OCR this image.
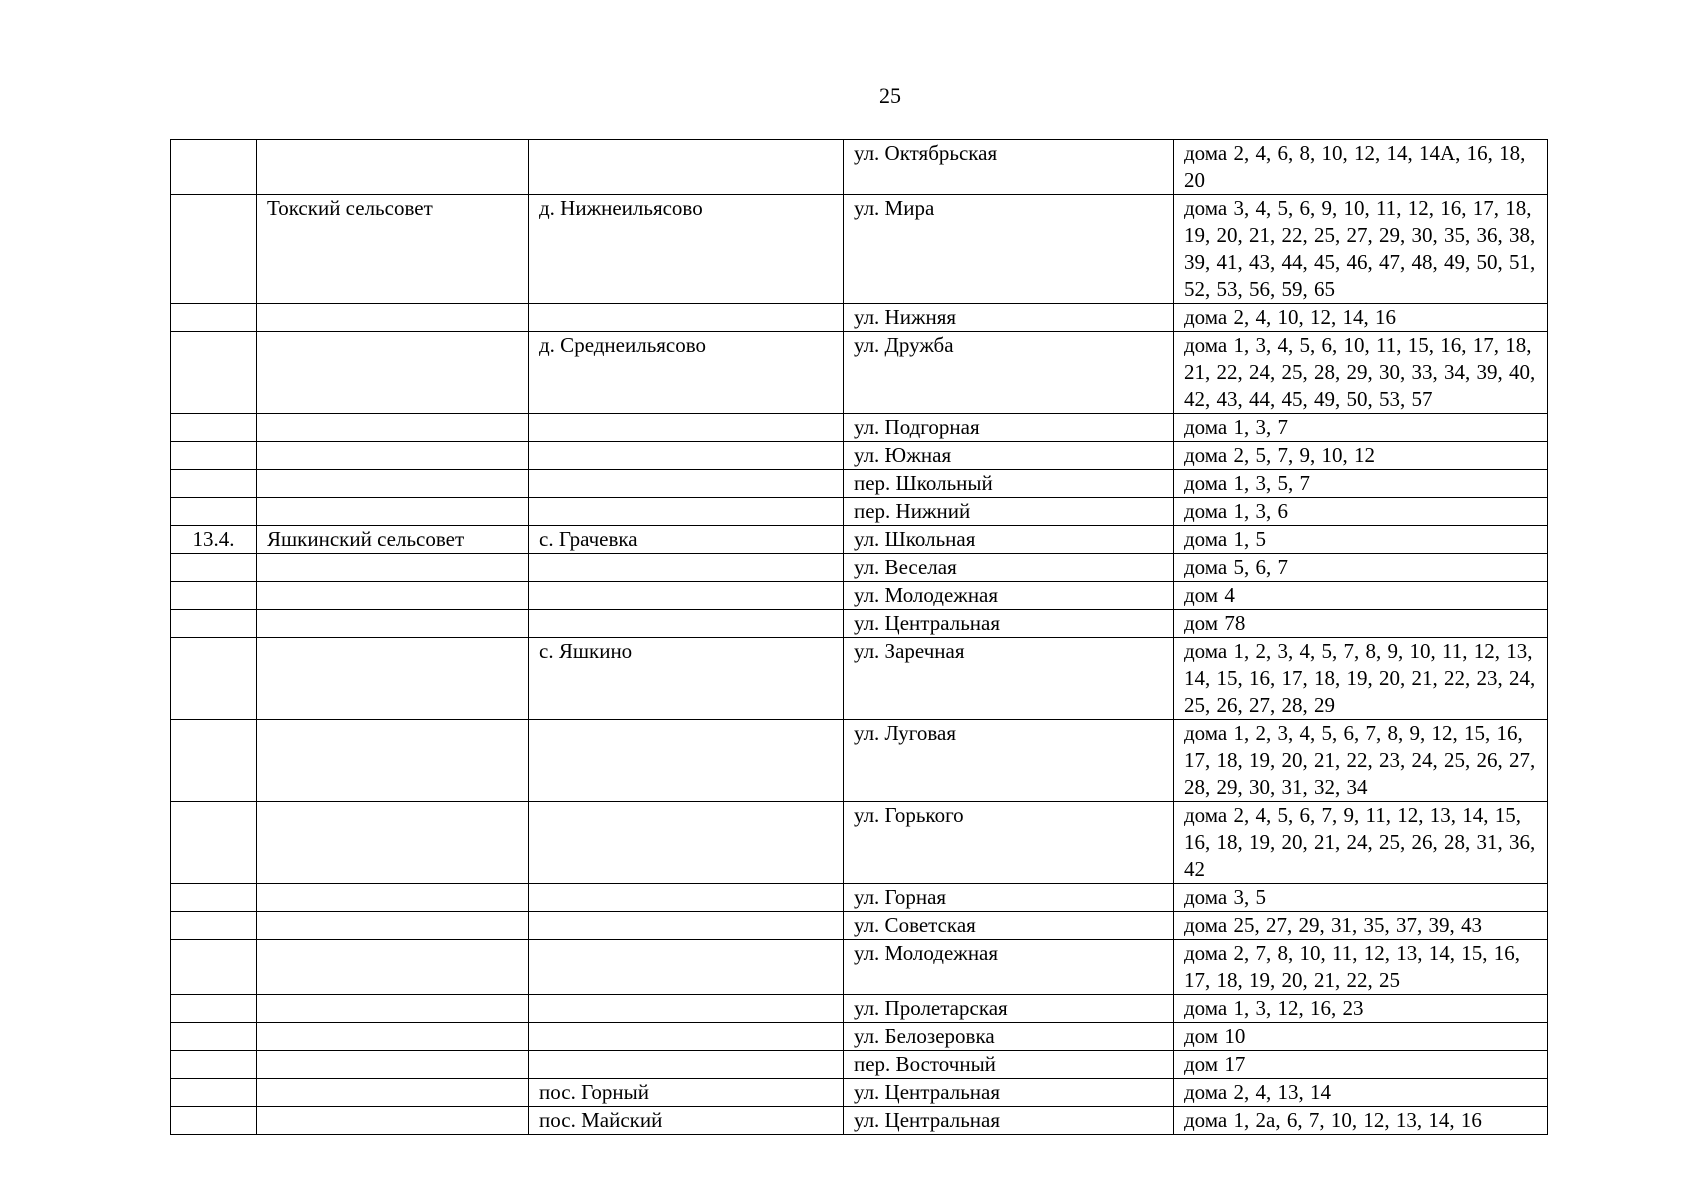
25
			ул. Октябрьская	дома 2, 4, 6, 8, 10, 12, 14, 14А, 16, 18, 20
	Токский сельсовет	д. Нижнеильясово	ул. Мира	дома 3, 4, 5, 6, 9, 10, 11, 12, 16, 17, 18, 19, 20, 21, 22, 25, 27, 29, 30, 35, 36, 38, 39, 41, 43, 44, 45, 46, 47, 48, 49, 50, 51, 52, 53, 56, 59, 65
			ул. Нижняя	дома 2, 4, 10, 12, 14, 16
		д. Среднеильясово	ул. Дружба	дома 1, 3, 4, 5, 6, 10, 11, 15, 16, 17, 18, 21, 22, 24, 25, 28, 29, 30, 33, 34, 39, 40, 42, 43, 44, 45, 49, 50, 53, 57
			ул. Подгорная	дома 1, 3, 7
			ул. Южная	дома 2, 5, 7, 9, 10, 12
			пер. Школьный	дома 1, 3, 5, 7
			пер. Нижний	дома 1, 3, 6
13.4.	Яшкинский сельсовет	с. Грачевка	ул. Школьная	дома 1, 5
			ул. Веселая	дома 5, 6, 7
			ул. Молодежная	дом 4
			ул. Центральная	дом 78
		с. Яшкино	ул. Заречная	дома 1, 2, 3, 4, 5, 7, 8, 9, 10, 11, 12, 13, 14, 15, 16, 17, 18, 19, 20, 21, 22, 23, 24, 25, 26, 27, 28, 29
			ул. Луговая	дома 1, 2, 3, 4, 5, 6, 7, 8, 9, 12, 15, 16, 17, 18, 19, 20, 21, 22, 23, 24, 25, 26, 27, 28, 29, 30, 31, 32, 34
			ул. Горького	дома 2, 4, 5, 6, 7, 9, 11, 12, 13, 14, 15, 16, 18, 19, 20, 21, 24, 25, 26, 28, 31, 36, 42
			ул. Горная	дома 3, 5
			ул. Советская	дома 25, 27, 29, 31, 35, 37, 39, 43
			ул. Молодежная	дома 2, 7, 8, 10, 11, 12, 13, 14, 15, 16, 17, 18, 19, 20, 21, 22, 25
			ул. Пролетарская	дома 1, 3, 12, 16, 23
			ул. Белозеровка	дом 10
			пер. Восточный	дом 17
		пос. Горный	ул. Центральная	дома 2, 4, 13, 14
		пос. Майский	ул. Центральная	дома 1, 2а, 6, 7, 10, 12, 13, 14, 16
